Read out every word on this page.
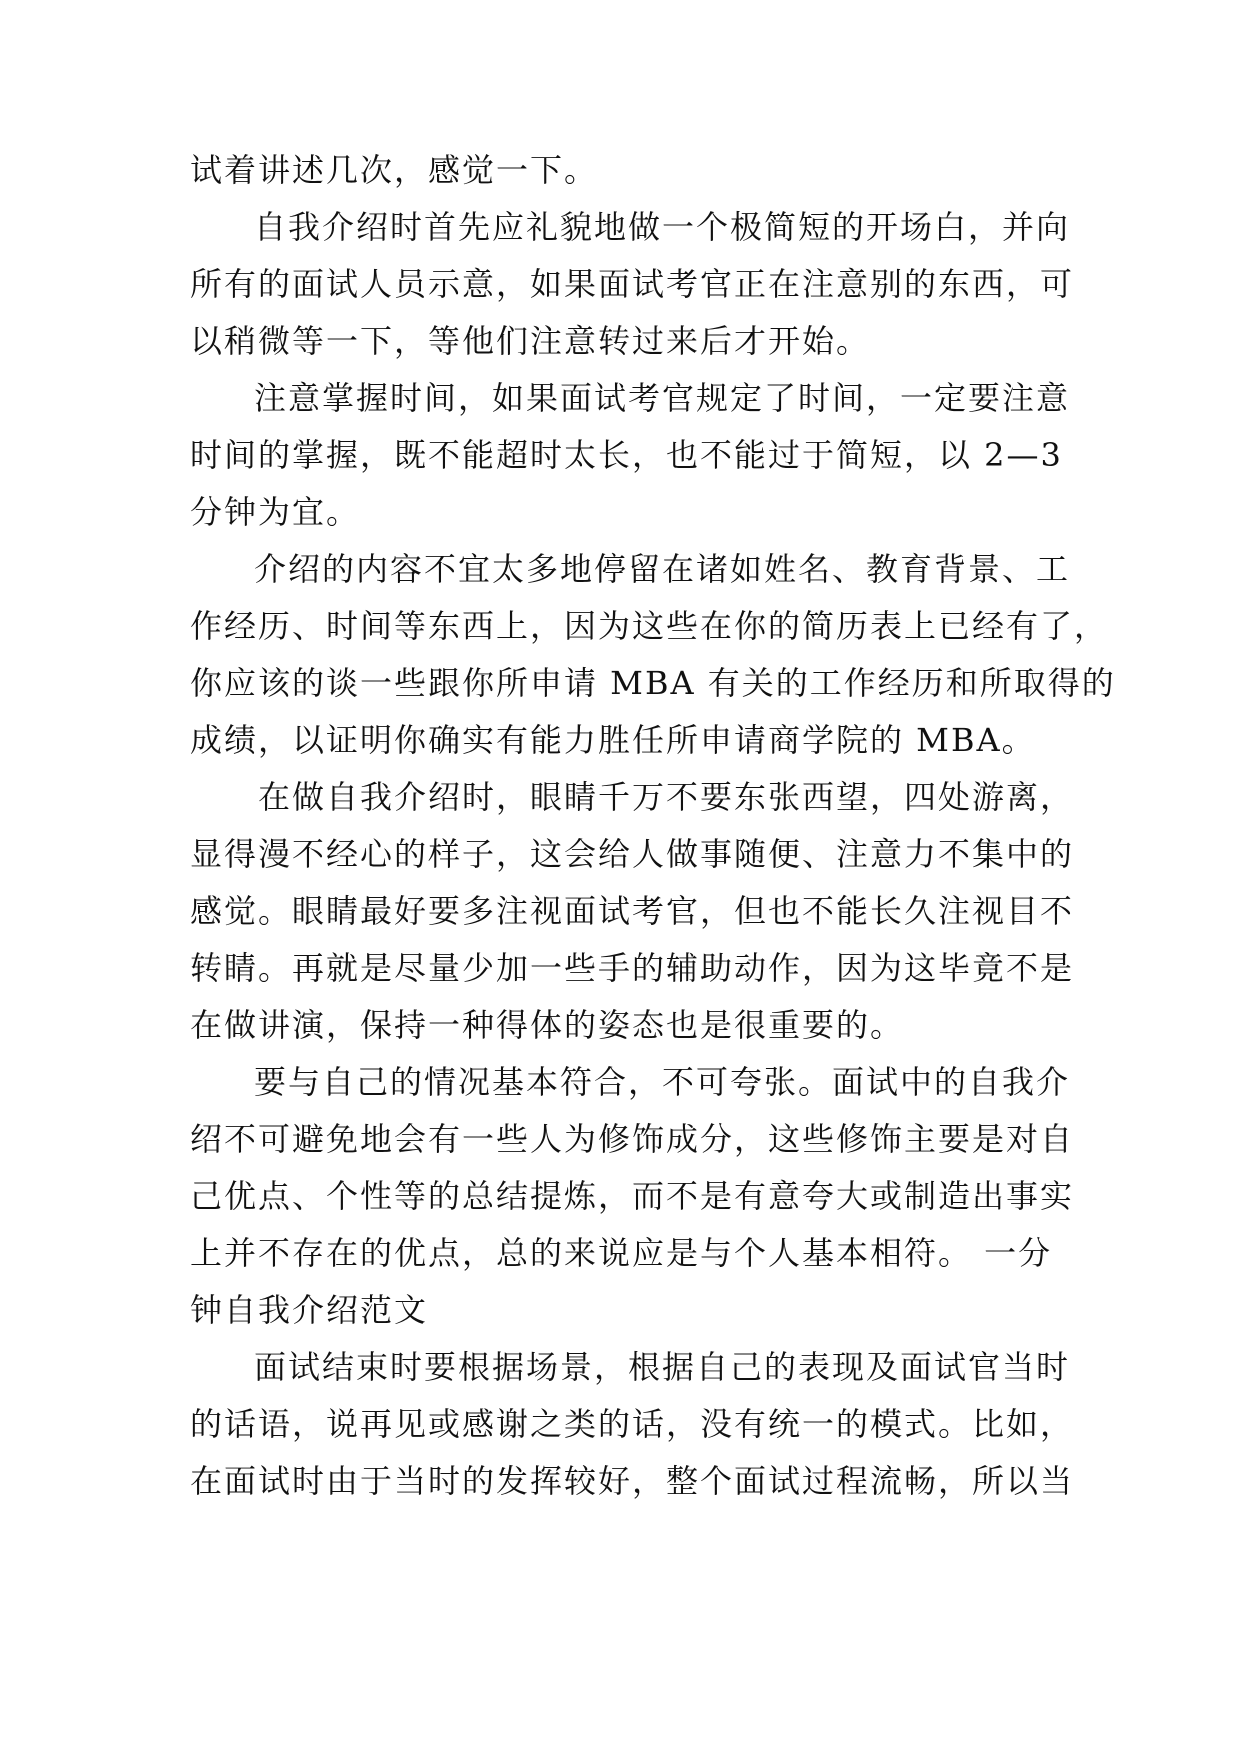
试着讲述几次，感觉一下。
自我介绍时首先应礼貌地做一个极简短的开场白，并向
所有的面试人员示意，如果面试考官正在注意别的东西，可
以稍微等一下，等他们注意转过来后才开始。
注意掌握时间，如果面试考官规定了时间，一定要注意
时间的掌握，既不能超时太长，也不能过于简短，以 2—3
分钟为宜。
介绍的内容不宜太多地停留在诸如姓名、教育背景、工
作经历、时间等东西上，因为这些在你的简历表上已经有了，
你应该的谈一些跟你所申请 MBA 有关的工作经历和所取得的
成绩，以证明你确实有能力胜任所申请商学院的 MBA。
在做自我介绍时，眼睛千万不要东张西望，四处游离，
显得漫不经心的样子，这会给人做事随便、注意力不集中的
感觉。眼睛最好要多注视面试考官，但也不能长久注视目不
转睛。再就是尽量少加一些手的辅助动作，因为这毕竟不是
在做讲演，保持一种得体的姿态也是很重要的。
要与自己的情况基本符合，不可夸张。面试中的自我介
绍不可避免地会有一些人为修饰成分，这些修饰主要是对自
己优点、个性等的总结提炼，而不是有意夸大或制造出事实
上并不存在的优点，总的来说应是与个人基本相符。 一分
钟自我介绍范文
面试结束时要根据场景，根据自己的表现及面试官当时
的话语，说再见或感谢之类的话，没有统一的模式。比如，
在面试时由于当时的发挥较好，整个面试过程流畅，所以当
